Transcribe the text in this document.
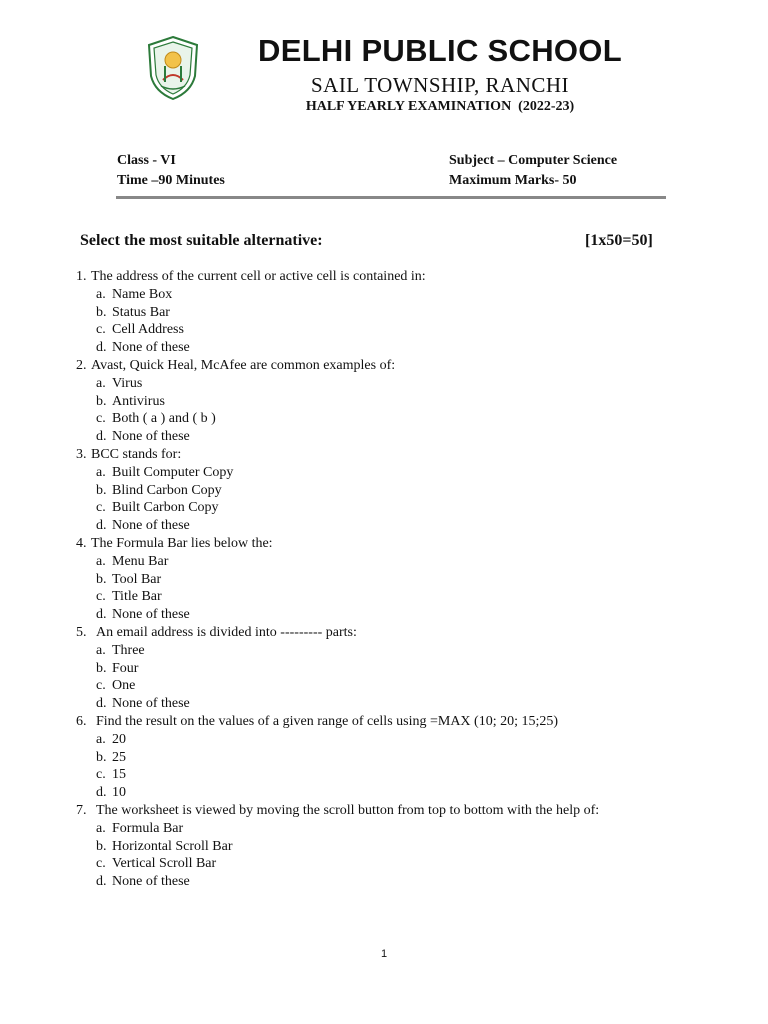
DELHI PUBLIC SCHOOL
SAIL TOWNSHIP, RANCHI
HALF YEARLY EXAMINATION  (2022-23)
Class - VI
Time –90 Minutes
Subject – Computer Science
Maximum Marks- 50
Select the most suitable alternative:	[1x50=50]
1. The address of the current cell or active cell is contained in:
a. Name Box
b. Status Bar
c. Cell Address
d. None of these
2. Avast, Quick Heal, McAfee are common examples of:
a. Virus
b. Antivirus
c. Both ( a ) and ( b )
d. None of these
3. BCC stands for:
a. Built Computer Copy
b. Blind Carbon Copy
c. Built Carbon Copy
d. None of these
4. The Formula Bar lies below the:
a. Menu Bar
b. Tool Bar
c. Title Bar
d. None of these
5. An email address is divided into --------- parts:
a. Three
b. Four
c. One
d. None of these
6. Find the result on the values of a given range of cells using =MAX (10; 20; 15;25)
a. 20
b. 25
c. 15
d. 10
7. The worksheet is viewed by moving the scroll button from top to bottom with the help of:
a. Formula Bar
b. Horizontal Scroll Bar
c. Vertical Scroll Bar
d. None of these
1
